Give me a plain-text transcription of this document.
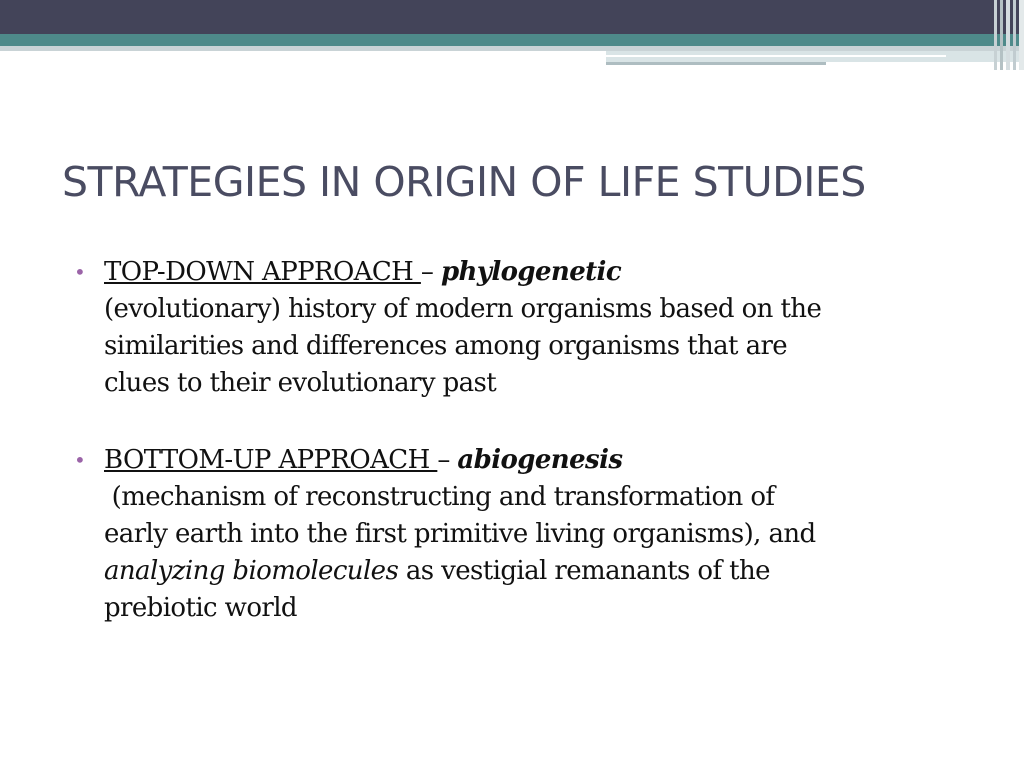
STRATEGIES IN ORIGIN OF LIFE STUDIES
• TOP-DOWN APPROACH – phylogenetic
(evolutionary) history of modern organisms based on the
similarities and differences among organisms that are
clues to their evolutionary past
• BOTTOM-UP APPROACH – abiogenesis
(mechanism of reconstructing and transformation of
early earth into the first primitive living organisms), and
analyzing biomolecules as vestigial remanants of the
prebiotic world
